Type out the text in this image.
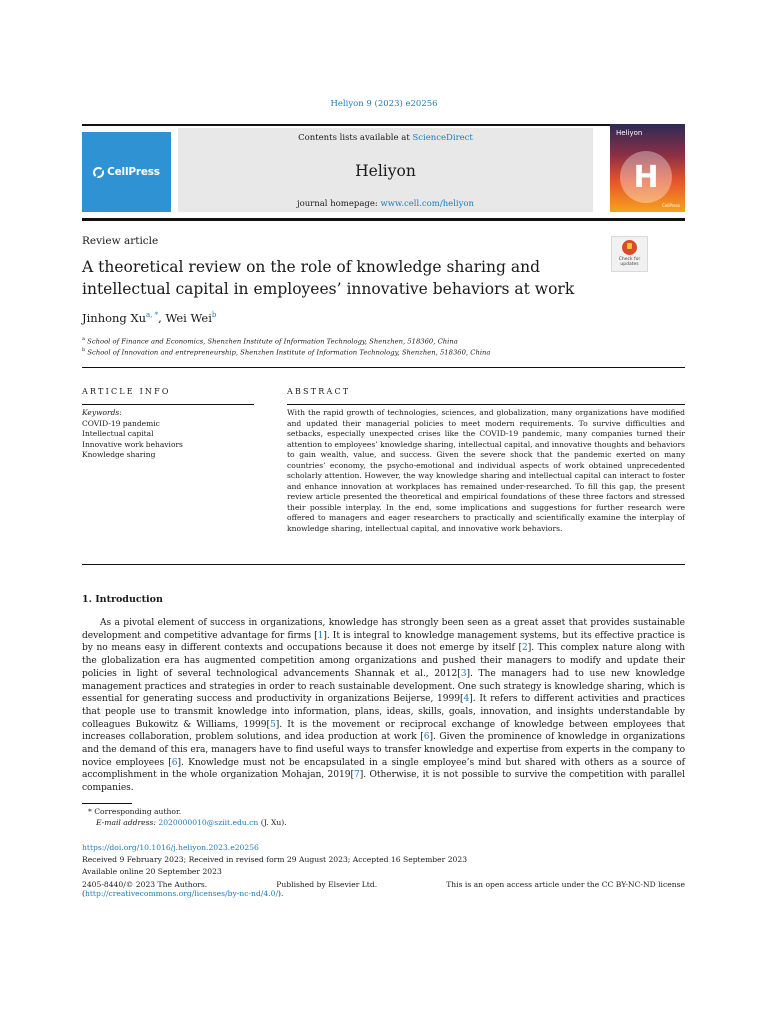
Heliyon 9 (2023) e20256
CellPress
Contents lists available at ScienceDirect
Heliyon
journal homepage: www.cell.com/heliyon
Heliyon
H
CellPress
Review article
A theoretical review on the role of knowledge sharing and
intellectual capital in employees’ innovative behaviors at work
Check for updates
Jinhong $Xu^{a, *}$, Wei Wei$^b$
$^a$ School of Finance and Economics, Shenzhen Institute of Information Technology, Shenzhen, 518360, China
$^b$ School of Innovation and entrepreneurship, Shenzhen Institute of Information Technology, Shenzhen, 518360, China
ARTICLE INFO	ABSTRACT
Keywords:
COVID-19 pandemic
Intellectual capital
Innovative work behaviors
Knowledge sharing
With the rapid growth of technologies, sciences, and globalization, many organizations have modified and updated their managerial policies to meet modern requirements. To survive difficulties and setbacks, especially unexpected crises like the COVID-19 pandemic, many companies turned their attention to employees’ knowledge sharing, intellectual capital, and innovative thoughts and behaviors to gain wealth, value, and success. Given the severe shock that the pandemic exerted on many countries’ economy, the psycho-emotional and individual aspects of work obtained unprecedented scholarly attention. However, the way knowledge sharing and intellectual capital can interact to foster and enhance innovation at workplaces has remained under-researched. To fill this gap, the present review article presented the theoretical and empirical foundations of these three factors and stressed their possible interplay. In the end, some implications and suggestions for further research were offered to managers and eager researchers to practically and scientifically examine the interplay of knowledge sharing, intellectual capital, and innovative work behaviors.
1. Introduction
As a pivotal element of success in organizations, knowledge has strongly been seen as a great asset that provides sustainable development and competitive advantage for firms [1]. It is integral to knowledge management systems, but its effective practice is by no means easy in different contexts and occupations because it does not emerge by itself [2]. This complex nature along with the globalization era has augmented competition among organizations and pushed their managers to modify and update their policies in light of several technological advancements Shannak et al., 2012[3]. The managers had to use new knowledge management practices and strategies in order to reach sustainable development. One such strategy is knowledge sharing, which is essential for generating success and productivity in organizations Beijerse, 1999[4]. It refers to different activities and practices that people use to transmit knowledge into information, plans, ideas, skills, goals, innovation, and insights understandable by colleagues Bukowitz & Williams, 1999[5]. It is the movement or reciprocal exchange of knowledge between employees that increases collaboration, problem solutions, and idea production at work [6]. Given the prominence of knowledge in organizations and the demand of this era, managers have to find useful ways to transfer knowledge and expertise from experts in the company to novice employees [6]. Knowledge must not be encapsulated in a single employee’s mind but shared with others as a source of accomplishment in the whole organization Mohajan, 2019[7]. Otherwise, it is not possible to survive the competition with parallel companies.
* Corresponding author.
E-mail address: 2020000010@sziit.edu.cn (J. Xu).
https://doi.org/10.1016/j.heliyon.2023.e20256
Received 9 February 2023; Received in revised form 29 August 2023; Accepted 16 September 2023
Available online 20 September 2023
2405-8440/© 2023 The Authors.	Published by Elsevier Ltd.	This is an open access article under the CC BY-NC-ND license
(http://creativecommons.org/licenses/by-nc-nd/4.0/).
